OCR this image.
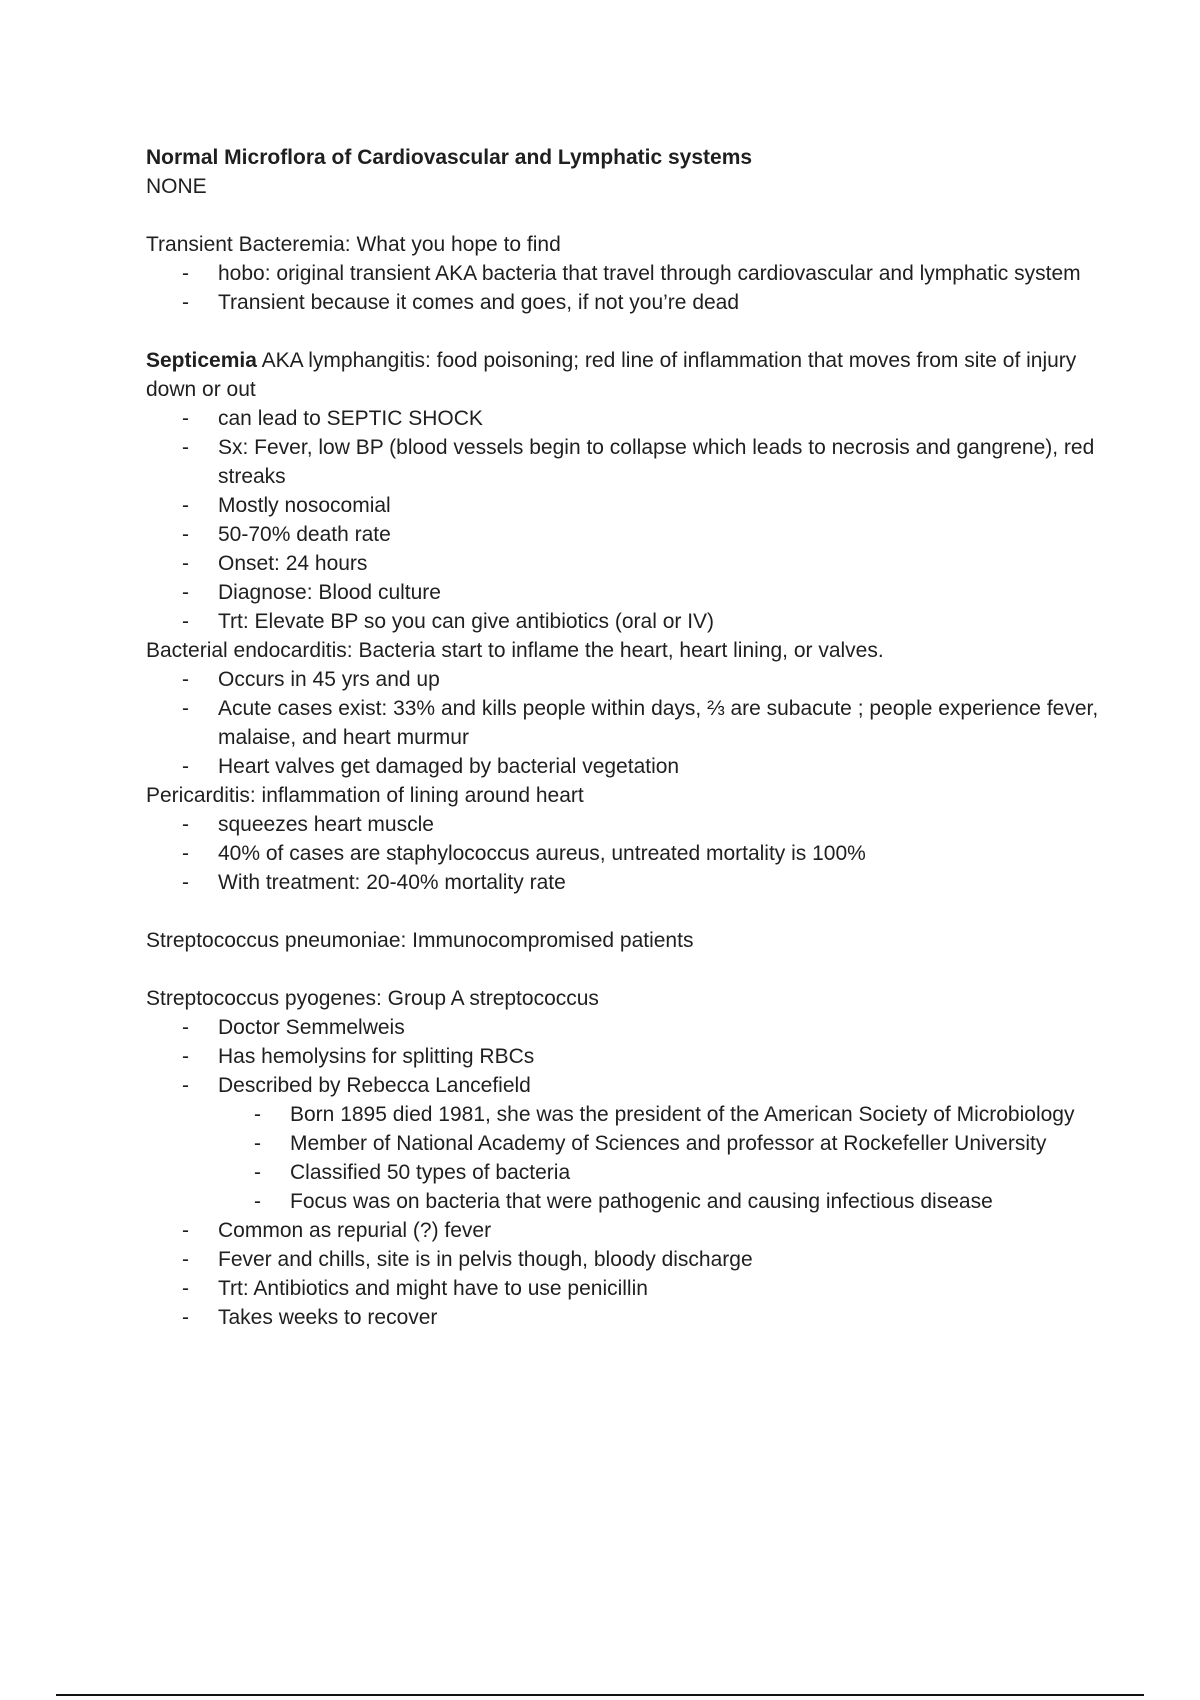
Normal Microflora of Cardiovascular and Lymphatic systems

NONE

Transient Bacteremia: What you hope to find

- hobo: original transient AKA bacteria that travel through cardiovascular and lymphatic system
- Transient because it comes and goes, if not you’re dead

Septicemia AKA lymphangitis: food poisoning; red line of inflammation that moves from site of injury down or out

- can lead to SEPTIC SHOCK
- Sx: Fever, low BP (blood vessels begin to collapse which leads to necrosis and gangrene), red streaks
- Mostly nosocomial
- 50-70% death rate
- Onset: 24 hours
- Diagnose: Blood culture
- Trt: Elevate BP so you can give antibiotics (oral or IV)

Bacterial endocarditis: Bacteria start to inflame the heart, heart lining, or valves.

- Occurs in 45 yrs and up
- Acute cases exist: 33% and kills people within days, ⅔ are subacute ; people experience fever, malaise, and heart murmur
- Heart valves get damaged by bacterial vegetation

Pericarditis: inflammation of lining around heart

- squeezes heart muscle
- 40% of cases are staphylococcus aureus, untreated mortality is 100%
- With treatment: 20-40% mortality rate

Streptococcus pneumoniae: Immunocompromised patients

Streptococcus pyogenes: Group A streptococcus

- Doctor Semmelweis
- Has hemolysins for splitting RBCs
- Described by Rebecca Lancefield
- Born 1895 died 1981, she was the president of the American Society of Microbiology
- Member of National Academy of Sciences and professor at Rockefeller University
- Classified 50 types of bacteria
- Focus was on bacteria that were pathogenic and causing infectious disease
- Common as repurial (?) fever
- Fever and chills, site is in pelvis though, bloody discharge
- Trt: Antibiotics and might have to use penicillin
- Takes weeks to recover
